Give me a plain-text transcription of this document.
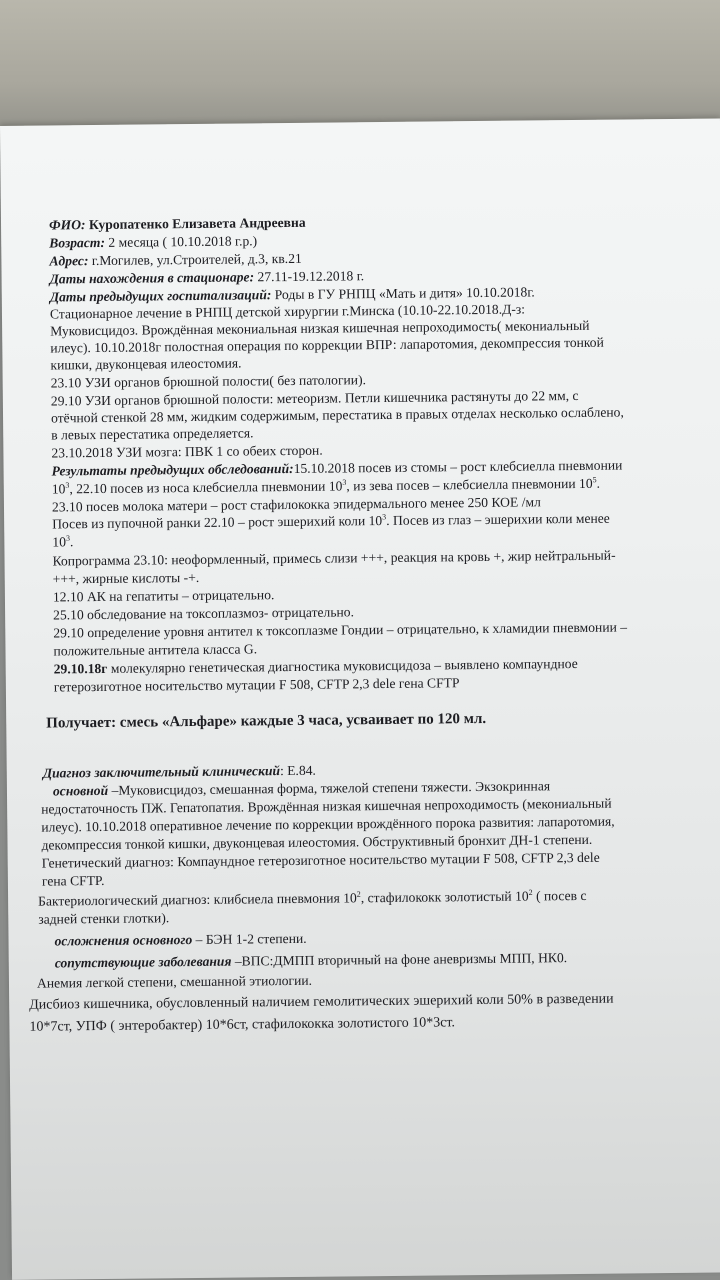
ФИО: Куропатенко Елизавета Андреевна
Возраст: 2 месяца ( 10.10.2018 г.р.)
Адрес: г.Могилев, ул.Строителей, д.3, кв.21
Даты нахождения в стационаре: 27.11-19.12.2018 г.
Даты предыдущих госпитализаций: Роды в ГУ РНПЦ «Мать и дитя» 10.10.2018г.
Стационарное лечение в РНПЦ детской хирургии г.Минска (10.10-22.10.2018.Д-з:
Муковисцидоз. Врождённая мекониальная низкая кишечная непроходимость( мекониальный
илеус). 10.10.2018г полостная операция по коррекции ВПР: лапаротомия, декомпрессия тонкой
кишки, двуконцевая илеостомия.
23.10 УЗИ органов брюшной полости( без патологии).
29.10 УЗИ органов брюшной полости: метеоризм. Петли кишечника растянуты до 22 мм, с
отёчной стенкой 28 мм, жидким содержимым, перестатика в правых отделах несколько ослаблено,
в левых перестатика определяется.
23.10.2018 УЗИ мозга: ПВК 1 со обеих сторон.
Результаты предыдущих обследований:15.10.2018 посев из стомы – рост клебсиелла пневмонии
$10^3$, 22.10 посев из носа клебсиелла пневмонии $10^3$, из зева посев – клебсиелла пневмонии $10^5$.
23.10 посев молока матери – рост стафилококка эпидермального менее 250 КОЕ /мл
Посев из пупочной ранки 22.10 – рост эшерихий коли $10^3$. Посев из глаз – эшерихии коли менее
$10^3$.
Копрограмма 23.10: неоформленный, примесь слизи +++, реакция на кровь +, жир нейтральный-
+++, жирные кислоты -+.
12.10 АК на гепатиты – отрицательно.
25.10 обследование на токсоплазмоз- отрицательно.
29.10 определение уровня антител к токсоплазме Гондии – отрицательно, к хламидии пневмонии –
положительные антитела класса G.
29.10.18г молекулярно генетическая диагностика муковисцидоза – выявлено компаундное
гетерозиготное носительство мутации F 508, CFTP 2,3 dele гена CFTP
Получает: смесь «Альфаре» каждые 3 часа, усваивает по 120 мл.
Диагноз заключительный клинический: Е.84.
основной –Муковисцидоз, смешанная форма, тяжелой степени тяжести. Экзокринная
недостаточность ПЖ. Гепатопатия. Врождённая низкая кишечная непроходимость (мекониальный
илеус). 10.10.2018 оперативное лечение по коррекции врождённого порока развития: лапаротомия,
декомпрессия тонкой кишки, двуконцевая илеостомия. Обструктивный бронхит ДН-1 степени.
Генетический диагноз: Компаундное гетерозиготное носительство мутации F 508, CFTP 2,3 dele
гена CFTP.
Бактериологический диагноз: клибсиела пневмония $10^2$, стафилококк золотистый $10^2$ ( посев с
задней стенки глотки).
осложнения основного – БЭН 1-2 степени.
сопутствующие заболевания –ВПС:ДМПП вторичный на фоне аневризмы МПП, НК0.
Анемия легкой степени, смешанной этиологии.
Дисбиоз кишечника, обусловленный наличием гемолитических эшерихий коли 50% в разведении
10*7ст, УПФ ( энтеробактер) 10*6ст, стафилококка золотистого 10*3ст.
